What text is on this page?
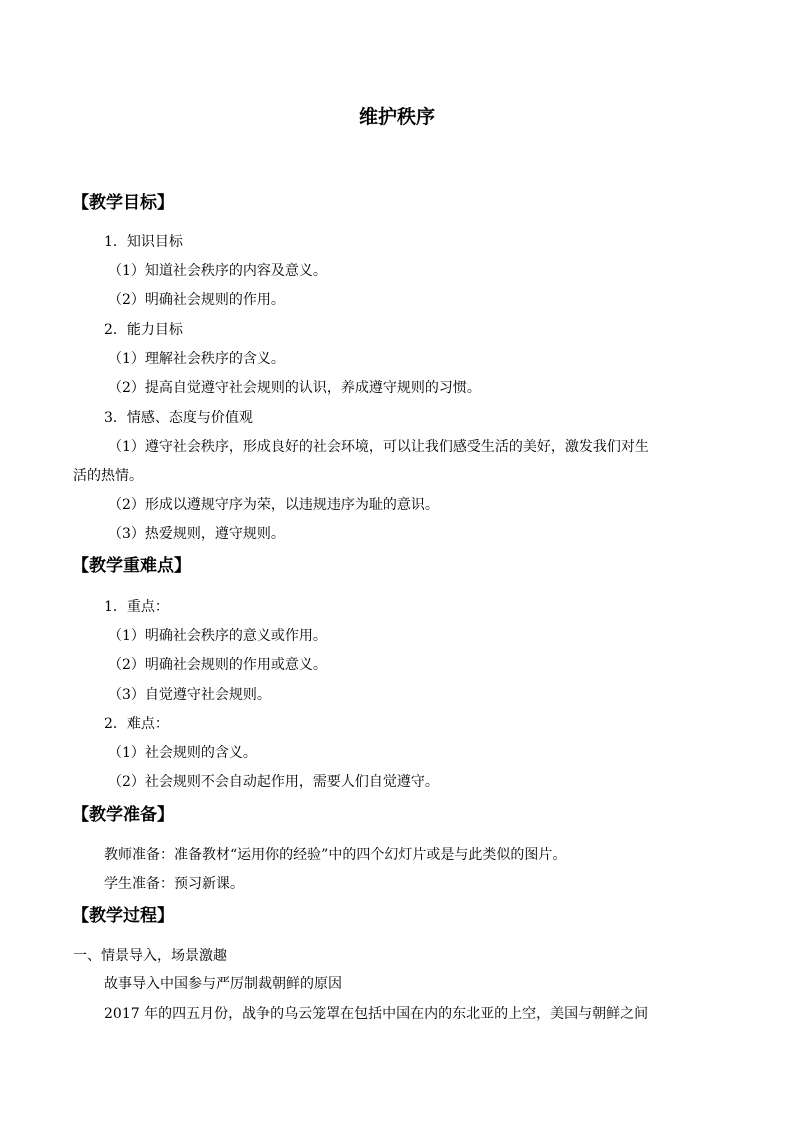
维护秩序
【教学目标】
1．知识目标
（1）知道社会秩序的内容及意义。
（2）明确社会规则的作用。
2．能力目标
（1）理解社会秩序的含义。
（2）提高自觉遵守社会规则的认识，养成遵守规则的习惯。
3．情感、态度与价值观
（1）遵守社会秩序，形成良好的社会环境，可以让我们感受生活的美好，激发我们对生
活的热情。
（2）形成以遵规守序为荣，以违规违序为耻的意识。
（3）热爱规则，遵守规则。
【教学重难点】
1．重点：
（1）明确社会秩序的意义或作用。
（2）明确社会规则的作用或意义。
（3）自觉遵守社会规则。
2．难点：
（1）社会规则的含义。
（2）社会规则不会自动起作用，需要人们自觉遵守。
【教学准备】
教师准备：准备教材“运用你的经验”中的四个幻灯片或是与此类似的图片。
学生准备：预习新课。
【教学过程】
一、情景导入，场景激趣
故事导入中国参与严厉制裁朝鲜的原因
2017 年的四五月份，战争的乌云笼罩在包括中国在内的东北亚的上空，美国与朝鲜之间
